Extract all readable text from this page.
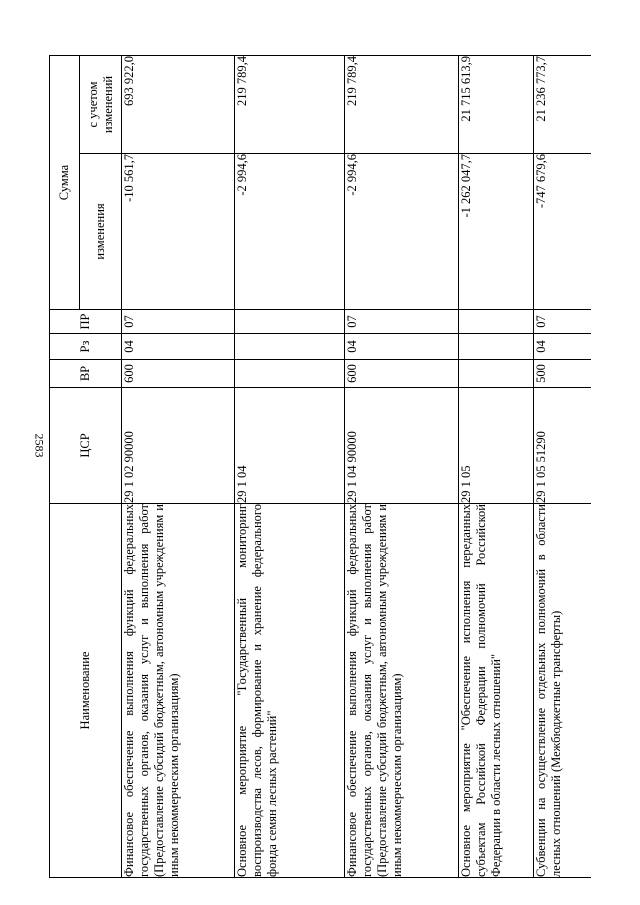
2583
Наименование	ЦСР	ВР	Рз	ПР	Сумма	
					изменения	с учетом изменений
Финансовое обеспечение выполнения функций федеральных государственных органов, оказания услуг и выполнения работ (Предоставление субсидий бюджетным, автономным учреждениям и иным некоммерческим организациям)	29 1 02 90000	600	04	07	-10 561,7	693 922,0
Основное мероприятие "Государственный мониторинг воспроизводства лесов, формирование и хранение федерального фонда семян лесных растений"	29 1 04				-2 994,6	219 789,4
Финансовое обеспечение выполнения функций федеральных государственных органов, оказания услуг и выполнения работ (Предоставление субсидий бюджетным, автономным учреждениям и иным некоммерческим организациям)	29 1 04 90000	600	04	07	-2 994,6	219 789,4
Основное мероприятие "Обеспечение исполнения переданных субъектам Российской Федерации полномочий Российской Федерации в области лесных отношений"	29 1 05				-1 262 047,7	21 715 613,9
Субвенции на осуществление отдельных полномочий в области лесных отношений (Межбюджетные трансферты)	29 1 05 51290	500	04	07	-747 679,6	21 236 773,7
